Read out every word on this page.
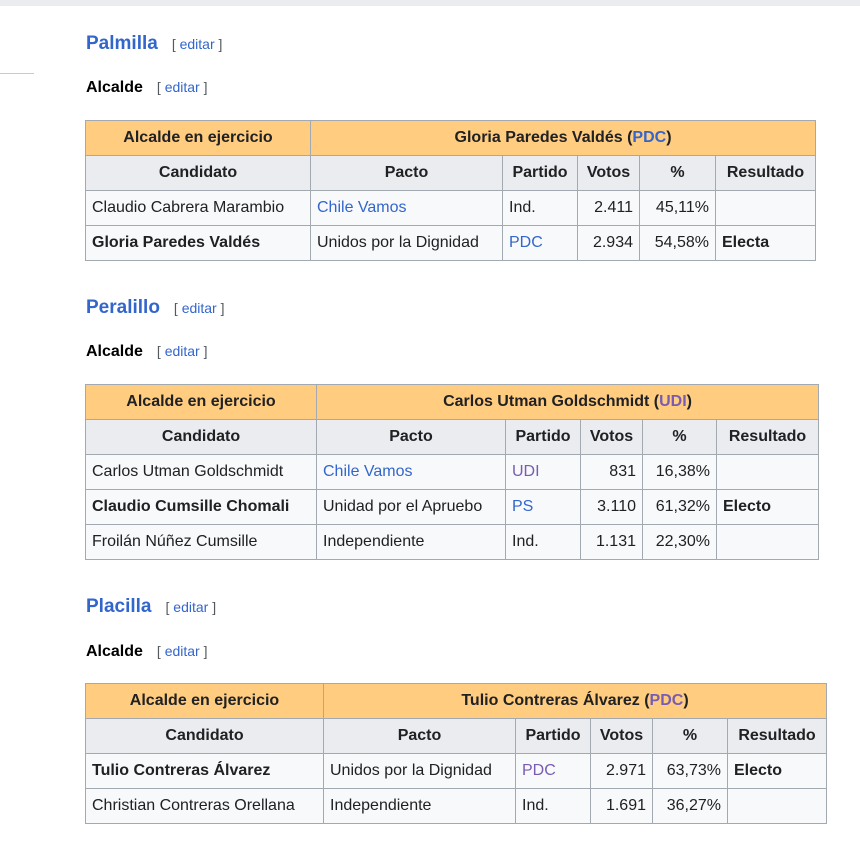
Palmilla [ editar ]
Alcalde [ editar ]
Alcalde en ejercicio	Gloria Paredes Valdés (PDC)				
Candidato	Pacto	Partido	Votos	%	Resultado
Claudio Cabrera Marambio	Chile Vamos	Ind.	2.411	45,11%	
Gloria Paredes Valdés	Unidos por la Dignidad	PDC	2.934	54,58%	Electa
Peralillo [ editar ]
Alcalde [ editar ]
Alcalde en ejercicio	Carlos Utman Goldschmidt (UDI)				
Candidato	Pacto	Partido	Votos	%	Resultado
Carlos Utman Goldschmidt	Chile Vamos	UDI	831	16,38%	
Claudio Cumsille Chomali	Unidad por el Apruebo	PS	3.110	61,32%	Electo
Froilán Núñez Cumsille	Independiente	Ind.	1.131	22,30%	
Placilla [ editar ]
Alcalde [ editar ]
Alcalde en ejercicio	Tulio Contreras Álvarez (PDC)				
Candidato	Pacto	Partido	Votos	%	Resultado
Tulio Contreras Álvarez	Unidos por la Dignidad	PDC	2.971	63,73%	Electo
Christian Contreras Orellana	Independiente	Ind.	1.691	36,27%	
